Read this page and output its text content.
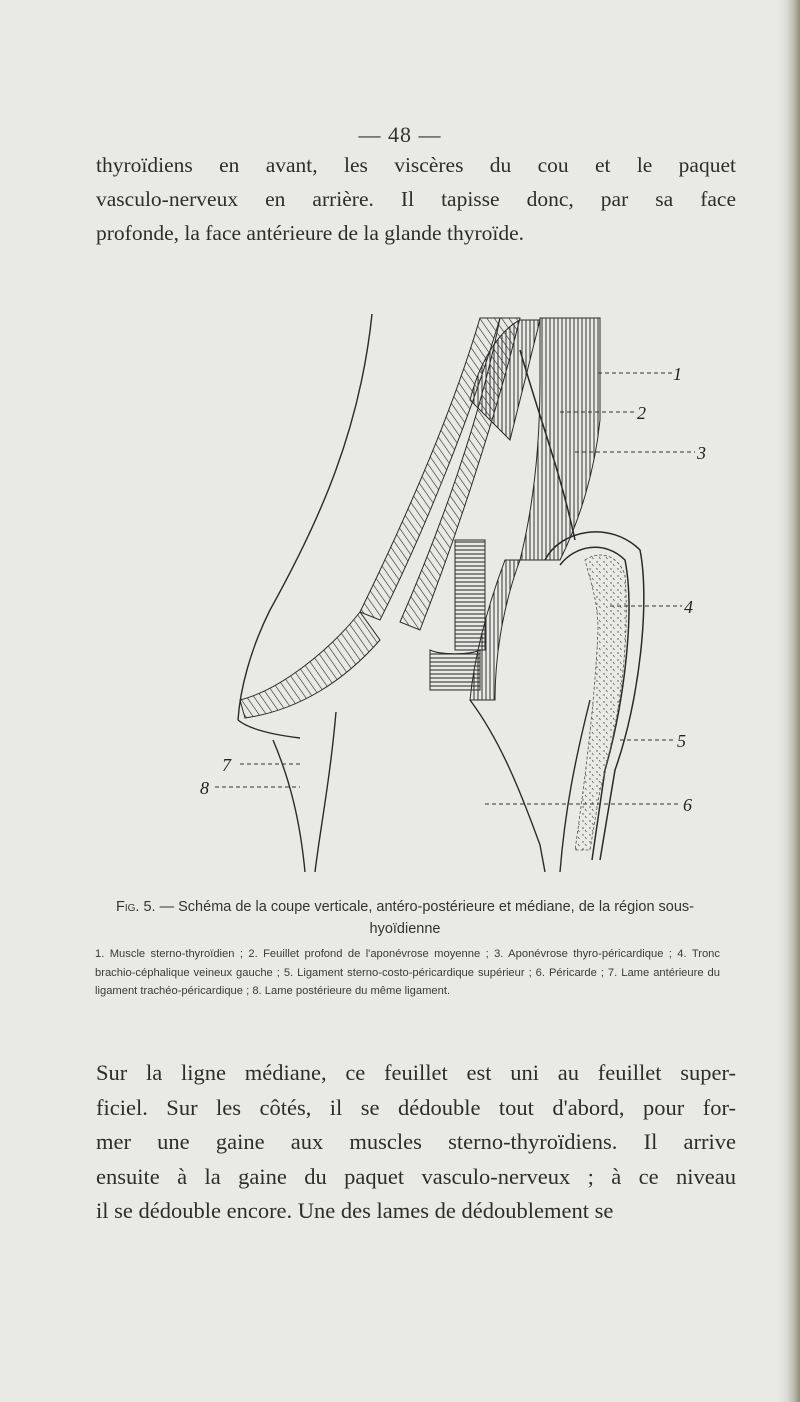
— 48 —
thyroïdiens en avant, les viscères du cou et le paquet
vasculo-nerveux en arrière. Il tapisse donc, par sa face
profonde, la face antérieure de la glande thyroïde.
1
2
3
4
5
6
7
8
Fig. 5. — Schéma de la coupe verticale, antéro-postérieure et médiane, de la région sous-hyoïdienne
1. Muscle sterno-thyroïdien ; 2. Feuillet profond de l'aponévrose moyenne ; 3. Aponévrose thyro-péricardique ; 4. Tronc brachio-céphalique veineux gauche ; 5. Ligament sterno-costo-péricardique supérieur ; 6. Péricarde ; 7. Lame antérieure du ligament trachéo-péricardique ; 8. Lame postérieure du même ligament.
Sur la ligne médiane, ce feuillet est uni au feuillet super-
ficiel. Sur les côtés, il se dédouble tout d'abord, pour for-
mer une gaine aux muscles sterno-thyroïdiens. Il arrive
ensuite à la gaine du paquet vasculo-nerveux ; à ce niveau
il se dédouble encore. Une des lames de dédoublement se
